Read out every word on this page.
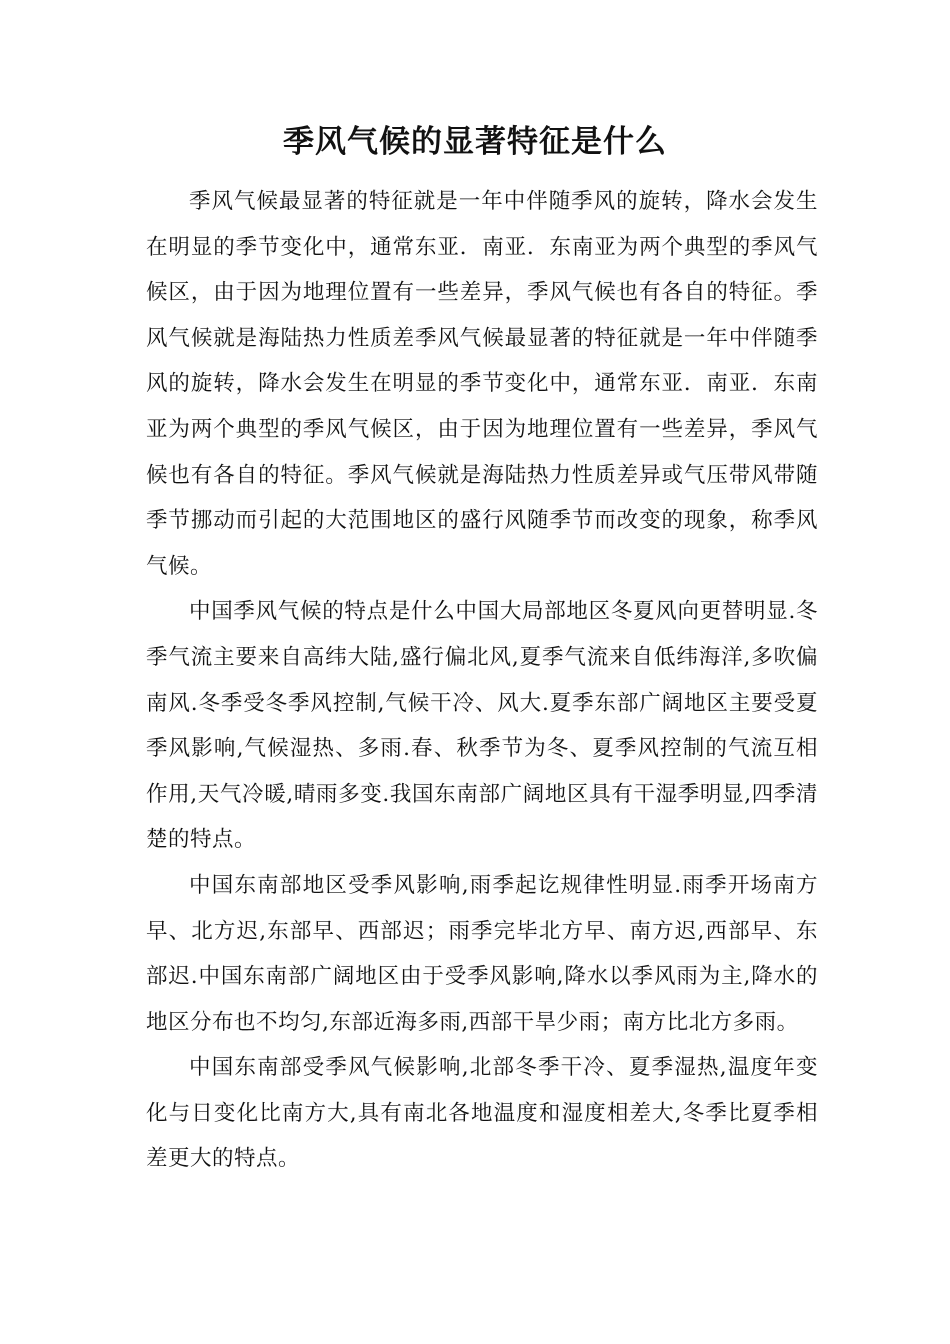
季风气候的显著特征是什么

季风气候最显著的特征就是一年中伴随季风的旋转，降水会发生在明显的季节变化中，通常东亚．南亚．东南亚为两个典型的季风气候区，由于因为地理位置有一些差异，季风气候也有各自的特征。季风气候就是海陆热力性质差季风气候最显著的特征就是一年中伴随季风的旋转，降水会发生在明显的季节变化中，通常东亚．南亚．东南亚为两个典型的季风气候区，由于因为地理位置有一些差异，季风气候也有各自的特征。季风气候就是海陆热力性质差异或气压带风带随季节挪动而引起的大范围地区的盛行风随季节而改变的现象，称季风气候。

中国季风气候的特点是什么中国大局部地区冬夏风向更替明显.冬季气流主要来自高纬大陆,盛行偏北风,夏季气流来自低纬海洋,多吹偏南风.冬季受冬季风控制,气候干冷、风大.夏季东部广阔地区主要受夏季风影响,气候湿热、多雨.春、秋季节为冬、夏季风控制的气流互相作用,天气冷暖,晴雨多变.我国东南部广阔地区具有干湿季明显,四季清楚的特点。

中国东南部地区受季风影响,雨季起讫规律性明显.雨季开场南方早、北方迟,东部早、西部迟；雨季完毕北方早、南方迟,西部早、东部迟.中国东南部广阔地区由于受季风影响,降水以季风雨为主,降水的地区分布也不均匀,东部近海多雨,西部干旱少雨；南方比北方多雨。

中国东南部受季风气候影响,北部冬季干冷、夏季湿热,温度年变化与日变化比南方大,具有南北各地温度和湿度相差大,冬季比夏季相差更大的特点。
